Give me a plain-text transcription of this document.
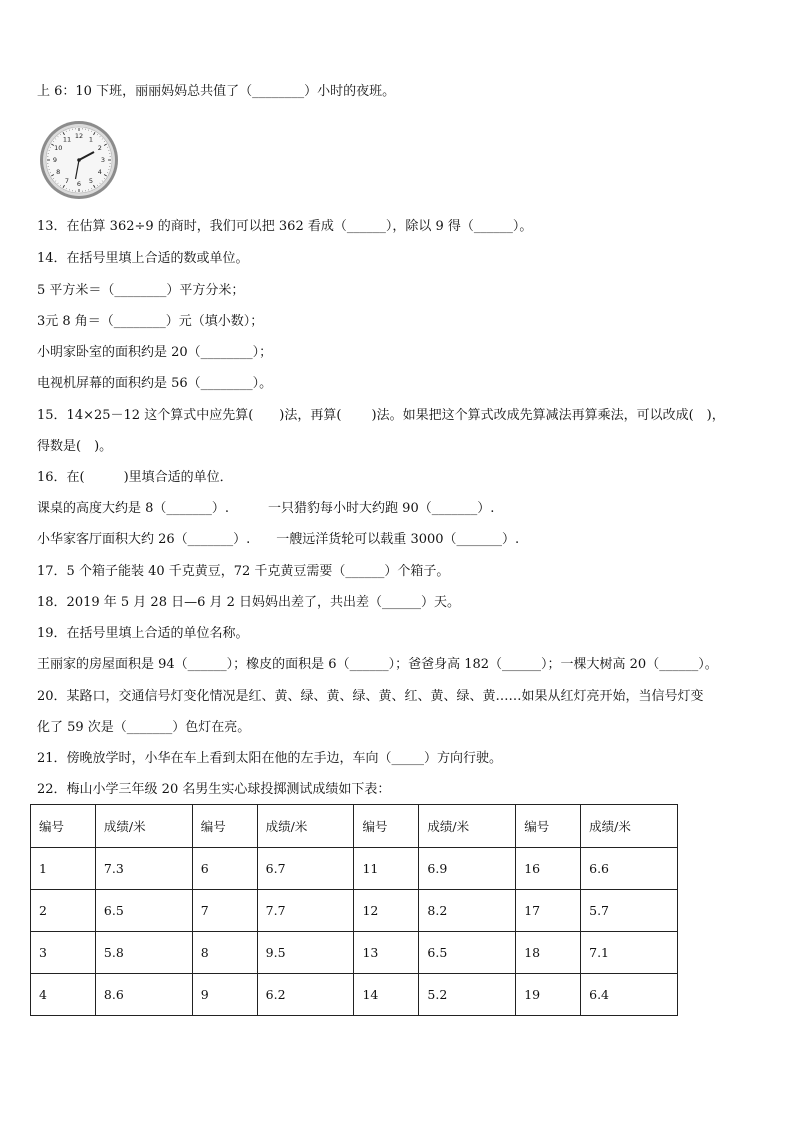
上 6：10 下班，丽丽妈妈总共值了（________）小时的夜班。
12 1
2
3
4
5
6
7
8
9
10
11
13．在估算 362÷9 的商时，我们可以把 362 看成（______），除以 9 得（______）。
14．在括号里填上合适的数或单位。
5 平方米＝（________）平方分米；
3元 8 角＝（________）元（填小数）；
小明家卧室的面积约是 20（________）；
电视机屏幕的面积约是 56（________）。
15．14×25－12 这个算式中应先算(　　)法，再算(　　 )法。如果把这个算式改成先算减法再算乘法，可以改成(　)，
得数是(　)。
16．在(　　　)里填合适的单位．
课桌的高度大约是 8（_______）.　　　一只猎豹每小时大约跑 90（_______）.
小华家客厅面积大约 26（_______）.　　一艘远洋货轮可以载重 3000（_______）.
17．5 个箱子能装 40 千克黄豆，72 千克黄豆需要（______）个箱子。
18．2019 年 5 月 28 日—6 月 2 日妈妈出差了，共出差（______）天。
19．在括号里填上合适的单位名称。
王丽家的房屋面积是 94（______）；橡皮的面积是 6（______）；爸爸身高 182（______）；一棵大树高 20（______）。
20．某路口，交通信号灯变化情况是红、黄、绿、黄、绿、黄、红、黄、绿、黄……如果从红灯亮开始，当信号灯变
化了 59 次是（_______）色灯在亮。
21．傍晚放学时，小华在车上看到太阳在他的左手边，车向（_____）方向行驶。
22．梅山小学三年级 20 名男生实心球投掷测试成绩如下表：
编号	成绩/米	编号	成绩/米	编号	成绩/米	编号	成绩/米
1	7.3	6	6.7	11	6.9	16	6.6
2	6.5	7	7.7	12	8.2	17	5.7
3	5.8	8	9.5	13	6.5	18	7.1
4	8.6	9	6.2	14	5.2	19	6.4
